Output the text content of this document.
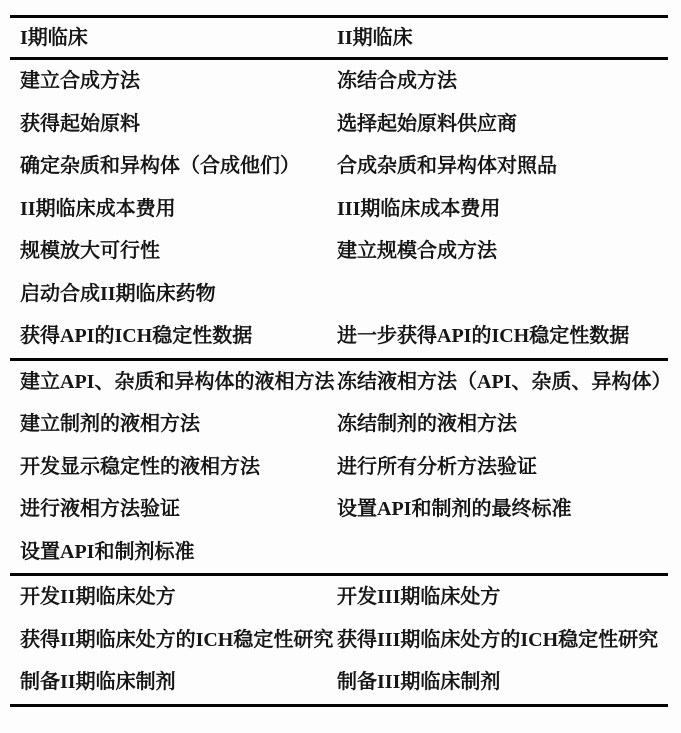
I期临床	II期临床
建立合成方法	冻结合成方法
获得起始原料	选择起始原料供应商
确定杂质和异构体（合成他们）	合成杂质和异构体对照品
II期临床成本费用	III期临床成本费用
规模放大可行性	建立规模合成方法
启动合成II期临床药物
获得API的ICH稳定性数据	进一步获得API的ICH稳定性数据
建立API、杂质和异构体的液相方法 冻结液相方法（API、杂质、异构体）
建立制剂的液相方法	冻结制剂的液相方法
开发显示稳定性的液相方法	进行所有分析方法验证
进行液相方法验证	设置API和制剂的最终标准
设置API和制剂标准
开发II期临床处方	开发III期临床处方
获得II期临床处方的ICH稳定性研究 获得III期临床处方的ICH稳定性研究
制备II期临床制剂	制备III期临床制剂
